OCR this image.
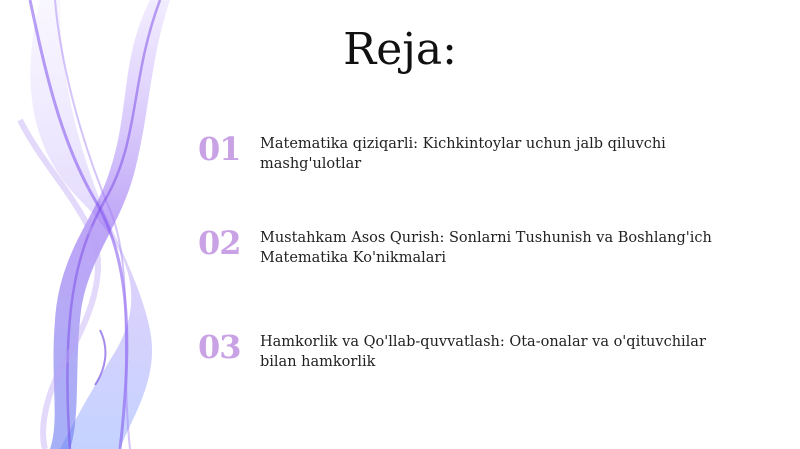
Reja:
01	Matematika qiziqarli: Kichkintoylar uchun jalb qiluvchi mashg'ulotlar
02	Mustahkam Asos Qurish: Sonlarni Tushunish va Boshlang'ich Matematika Ko'nikmalari
03	Hamkorlik va Qo'llab-quvvatlash: Ota-onalar va o'qituvchilar bilan hamkorlik
